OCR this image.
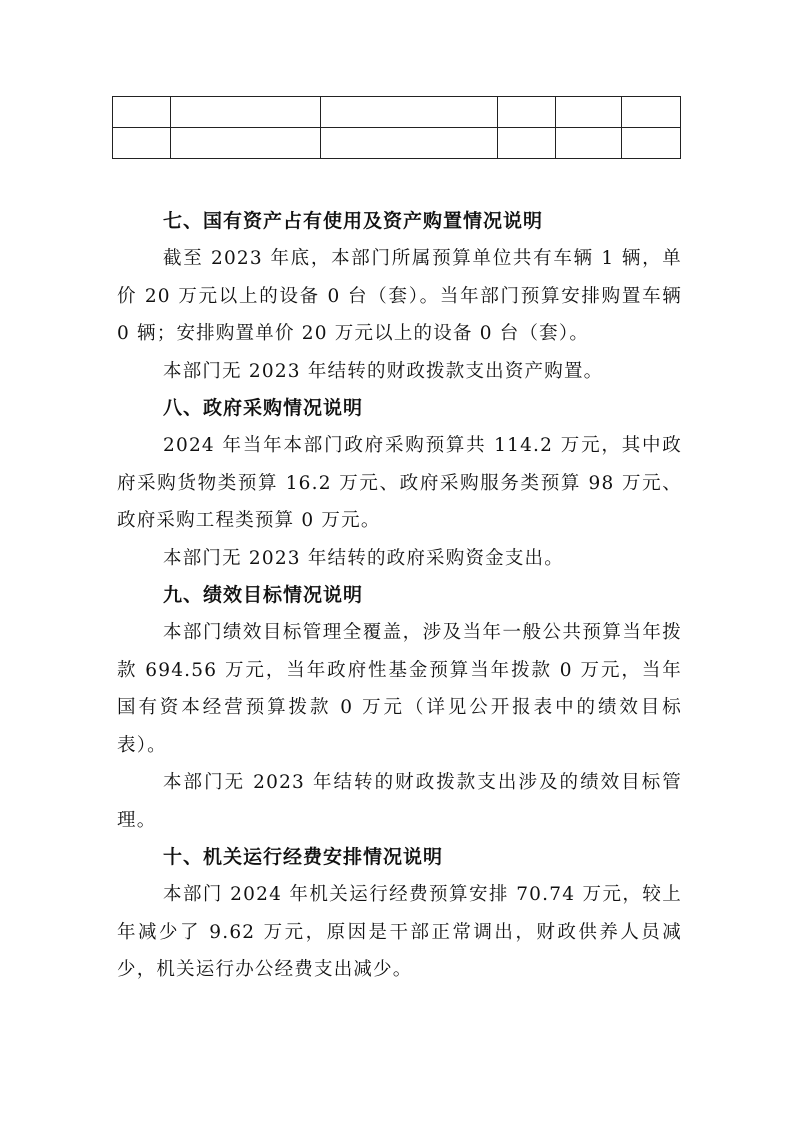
七、国有资产占有使用及资产购置情况说明

截至 2023 年底，本部门所属预算单位共有车辆 1 辆，单价 20 万元以上的设备 0 台（套）。当年部门预算安排购置车辆 0 辆；安排购置单价 20 万元以上的设备 0 台（套）。

本部门无 2023 年结转的财政拨款支出资产购置。

八、政府采购情况说明

2024 年当年本部门政府采购预算共 114.2 万元，其中政府采购货物类预算 16.2 万元、政府采购服务类预算 98 万元、政府采购工程类预算 0 万元。

本部门无 2023 年结转的政府采购资金支出。

九、绩效目标情况说明

本部门绩效目标管理全覆盖，涉及当年一般公共预算当年拨款 694.56 万元，当年政府性基金预算当年拨款 0 万元，当年国有资本经营预算拨款 0 万元（详见公开报表中的绩效目标表）。

本部门无 2023 年结转的财政拨款支出涉及的绩效目标管理。

十、机关运行经费安排情况说明

本部门 2024 年机关运行经费预算安排 70.74 万元，较上年减少了 9.62 万元，原因是干部正常调出，财政供养人员减少，机关运行办公经费支出减少。
